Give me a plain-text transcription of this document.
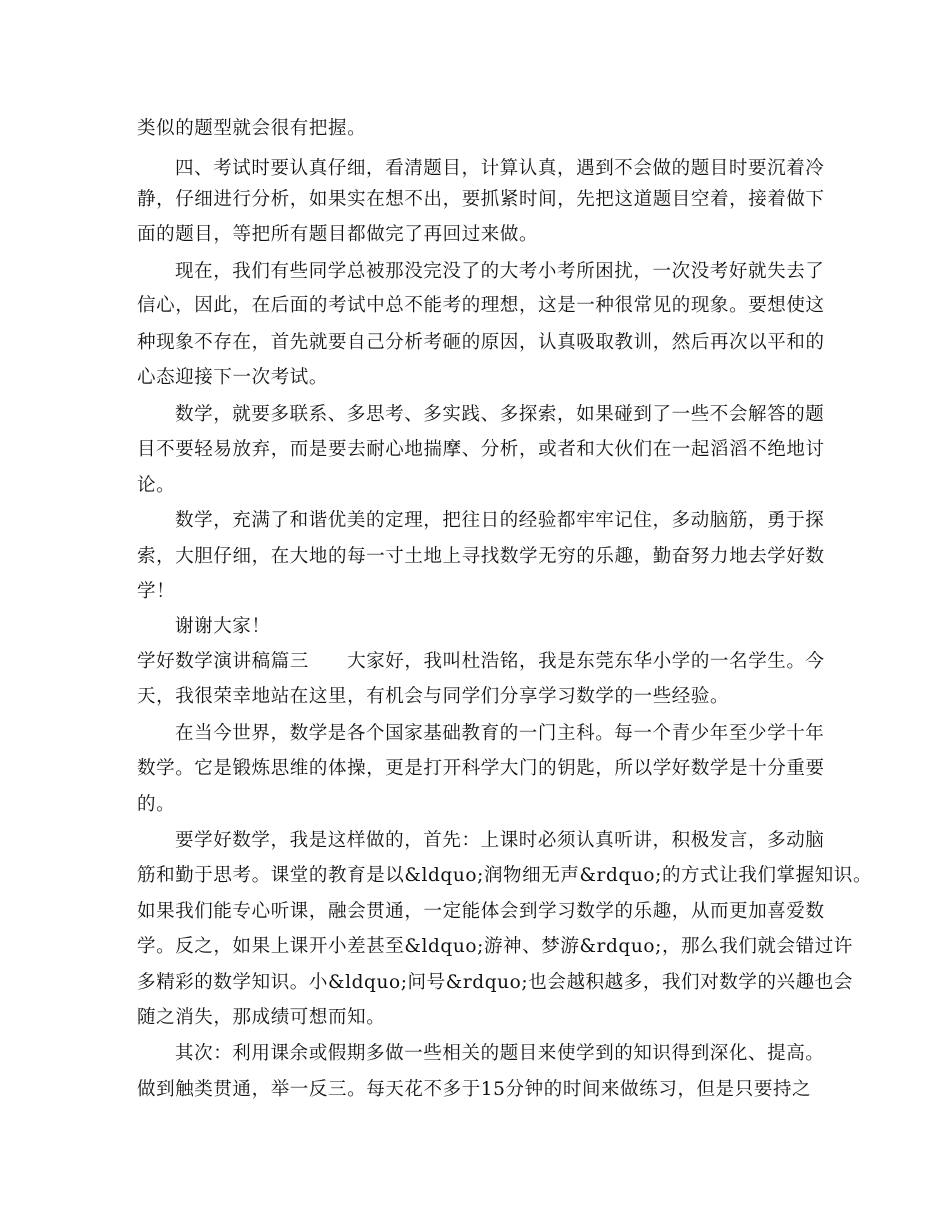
类似的题型就会很有把握。
四、考试时要认真仔细，看清题目，计算认真，遇到不会做的题目时要沉着冷
静，仔细进行分析，如果实在想不出，要抓紧时间，先把这道题目空着，接着做下
面的题目，等把所有题目都做完了再回过来做。
现在，我们有些同学总被那没完没了的大考小考所困扰，一次没考好就失去了
信心，因此，在后面的考试中总不能考的理想，这是一种很常见的现象。要想使这
种现象不存在，首先就要自己分析考砸的原因，认真吸取教训，然后再次以平和的
心态迎接下一次考试。
数学，就要多联系、多思考、多实践、多探索，如果碰到了一些不会解答的题
目不要轻易放弃，而是要去耐心地揣摩、分析，或者和大伙们在一起滔滔不绝地讨
论。
数学，充满了和谐优美的定理，把往日的经验都牢牢记住，多动脑筋，勇于探
索，大胆仔细，在大地的每一寸土地上寻找数学无穷的乐趣，勤奋努力地去学好数
学！
谢谢大家！
学好数学演讲稿篇三　　大家好，我叫杜浩铭，我是东莞东华小学的一名学生。今
天，我很荣幸地站在这里，有机会与同学们分享学习数学的一些经验。
在当今世界，数学是各个国家基础教育的一门主科。每一个青少年至少学十年
数学。它是锻炼思维的体操，更是打开科学大门的钥匙，所以学好数学是十分重要
的。
要学好数学，我是这样做的，首先：上课时必须认真听讲，积极发言，多动脑
筋和勤于思考。课堂的教育是以&ldquo;润物细无声&rdquo;的方式让我们掌握知识。
如果我们能专心听课，融会贯通，一定能体会到学习数学的乐趣，从而更加喜爱数
学。反之，如果上课开小差甚至&ldquo;游神、梦游&rdquo;，那么我们就会错过许
多精彩的数学知识。小&ldquo;问号&rdquo;也会越积越多，我们对数学的兴趣也会
随之消失，那成绩可想而知。
其次：利用课余或假期多做一些相关的题目来使学到的知识得到深化、提高。
做到触类贯通，举一反三。每天花不多于15分钟的时间来做练习，但是只要持之
